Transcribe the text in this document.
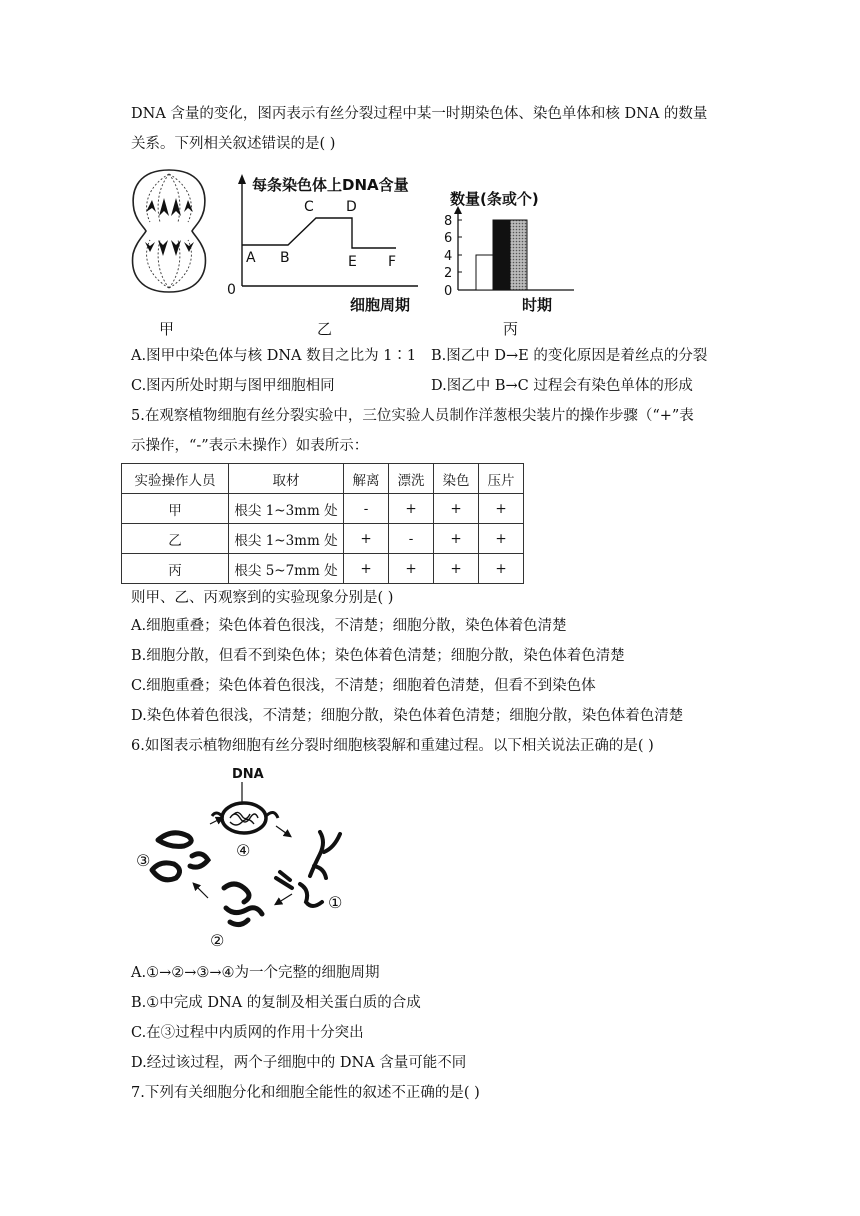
DNA 含量的变化，图丙表示有丝分裂过程中某一时期染色体、染色单体和核 DNA 的数量
关系。下列相关叙述错误的是( )
每条染色体上DNA含量
0
细胞周期
A B
C D
E F
数量(条或个)
时期
0
2
4
6
8
甲	乙	丙
A.图甲中染色体与核 DNA 数目之比为 1∶1 B.图乙中 D→E 的变化原因是着丝点的分裂
C.图丙所处时期与图甲细胞相同	D.图乙中 B→C 过程会有染色单体的形成
5.在观察植物细胞有丝分裂实验中，三位实验人员制作洋葱根尖装片的操作步骤（“+”表
示操作，“-”表示未操作）如表所示：
实验操作人员	取材	解离	漂洗	染色	压片
甲	根尖 1~3mm 处	-	+	+	+
乙	根尖 1~3mm 处	+	-	+	+
丙	根尖 5~7mm 处	+	+	+	+
则甲、乙、丙观察到的实验现象分别是( )
A.细胞重叠；染色体着色很浅，不清楚；细胞分散，染色体着色清楚
B.细胞分散，但看不到染色体；染色体着色清楚；细胞分散，染色体着色清楚
C.细胞重叠；染色体着色很浅，不清楚；细胞着色清楚，但看不到染色体
D.染色体着色很浅，不清楚；细胞分散，染色体着色清楚；细胞分散，染色体着色清楚
6.如图表示植物细胞有丝分裂时细胞核裂解和重建过程。以下相关说法正确的是( )
DNA
④
①
②
③
A.①→②→③→④为一个完整的细胞周期
B.①中完成 DNA 的复制及相关蛋白质的合成
C.在③过程中内质网的作用十分突出
D.经过该过程，两个子细胞中的 DNA 含量可能不同
7.下列有关细胞分化和细胞全能性的叙述不正确的是( )
